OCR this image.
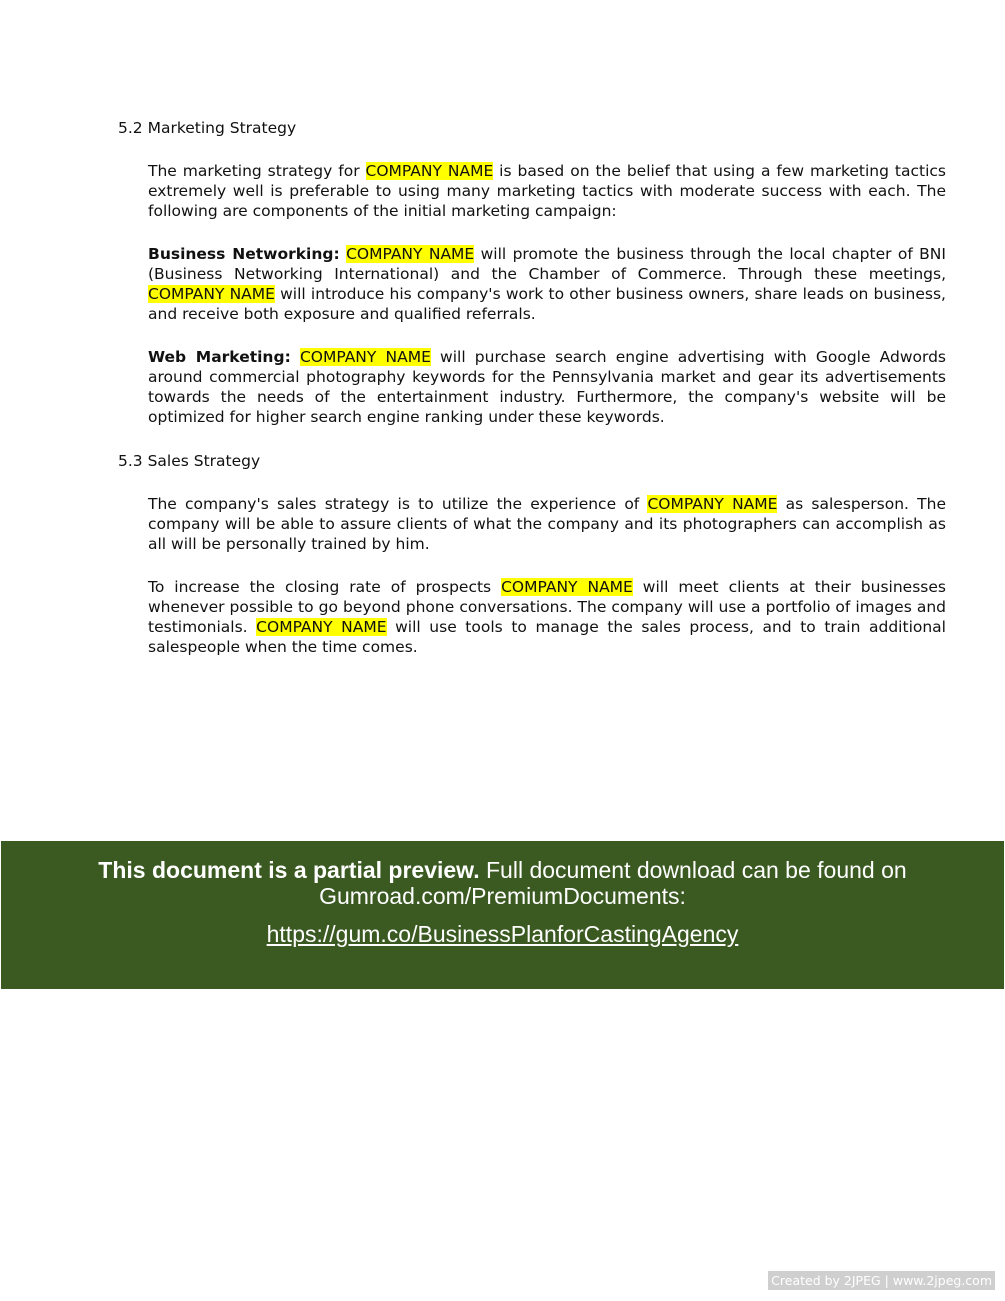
5.2 Marketing Strategy

The marketing strategy for COMPANY NAME is based on the belief that using a few marketing tactics extremely well is preferable to using many marketing tactics with moderate success with each. The following are components of the initial marketing campaign:

Business Networking: COMPANY NAME will promote the business through the local chapter of BNI (Business Networking International) and the Chamber of Commerce. Through these meetings, COMPANY NAME will introduce his company's work to other business owners, share leads on business, and receive both exposure and qualified referrals.

Web Marketing: COMPANY NAME will purchase search engine advertising with Google Adwords around commercial photography keywords for the Pennsylvania market and gear its advertisements towards the needs of the entertainment industry. Furthermore, the company's website will be optimized for higher search engine ranking under these keywords.

5.3 Sales Strategy

The company's sales strategy is to utilize the experience of COMPANY NAME as salesperson. The company will be able to assure clients of what the company and its photographers can accomplish as all will be personally trained by him.

To increase the closing rate of prospects COMPANY NAME will meet clients at their businesses whenever possible to go beyond phone conversations. The company will use a portfolio of images and testimonials. COMPANY NAME will use tools to manage the sales process, and to train additional salespeople when the time comes.

This document is a partial preview. Full document download can be found on
Gumroad.com/PremiumDocuments:
https://gum.co/BusinessPlanforCastingAgency
Created by 2JPEG | www.2jpeg.com
